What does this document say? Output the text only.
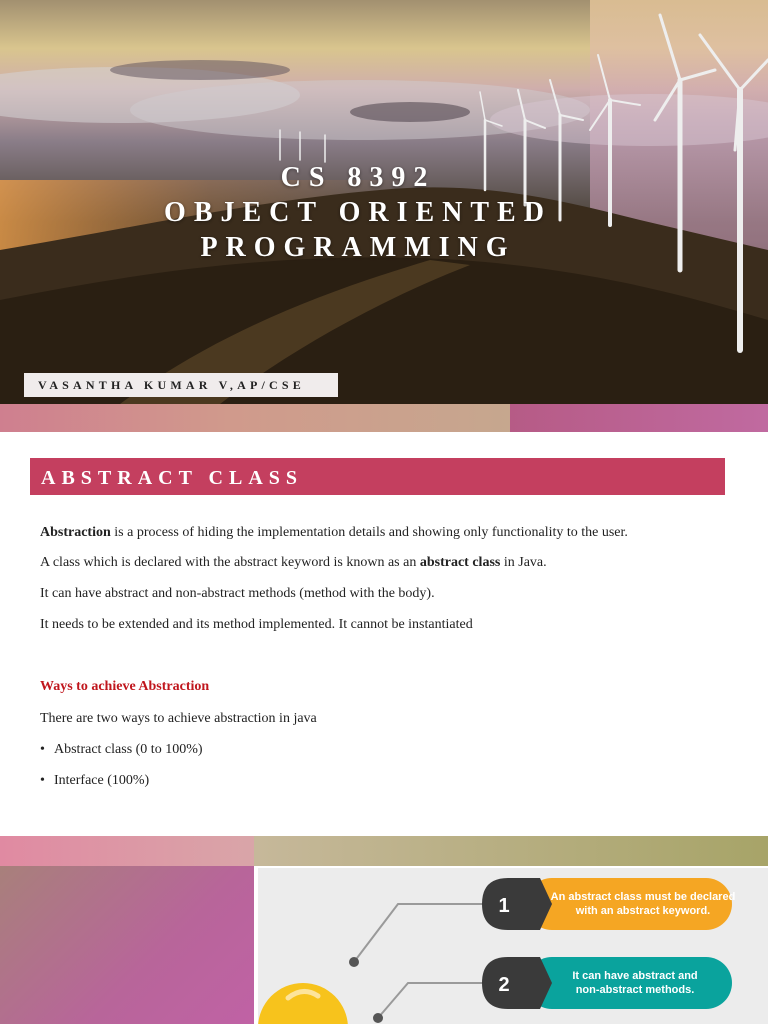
CS 8392
OBJECT ORIENTED
PROGRAMMING
VASANTHA KUMAR V,AP/CSE
ABSTRACT CLASS
Abstraction is a process of hiding the implementation details and showing only functionality to the user.
A class which is declared with the abstract keyword is known as an abstract class in Java.
It can have abstract and non-abstract methods (method with the body).
It needs to be extended and its method implemented. It cannot be instantiated
Ways to achieve Abstraction
There are two ways to achieve abstraction in java
• Abstract class (0 to 100%)
• Interface (100%)
1	An abstract class must be declared
with an abstract keyword.
2	It can have abstract and
non-abstract methods.
